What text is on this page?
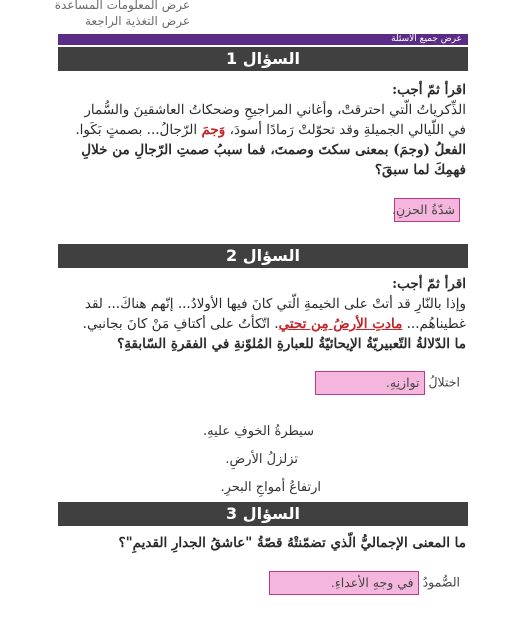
عرض المعلومات المساعدة
عرض التغذية الراجعة
عرض جميع الأسئلة
السؤال 1

اقرأ ثمّ أجب:

الذِّكرياتُ الّتي احترقتْ، وأغاني المراجيحِ وضحكاتُ العاشقينَ والسُّمار

في اللّيالي الجميلةِ وقد تحوّلتْ رَمادًا أسودَ، وَجمَ الرّجالُ... بصمتٍ بَكَوا.

الفعلُ (وجمَ) بمعنى سكتَ وصمتَ، فما سببُ صمتِ الرّجالِ من خلالِ

فهمِكَ لما سبقَ؟

شدّةُ الحزنِ.
السؤال 2

اقرأ ثمّ أجب:

وإذا بالنّارِ قد أتتْ على الخيمةِ الّتي كانَ فيها الأولادُ... إنّهم هناكَ... لقد

غطيناهُم... مادتِ الأرضُ مِن تحتي. اتّكأتُ على أكتافِ مَنْ كانَ بجانبي.

ما الدّلالةُ التّعبيريّةُ الإيحائيّةُ للعبارةِ المُلوّنةِ في الفقرةِ السّابقةِ؟

اختلالُ توازنِهِ.
سيطرةُ الخوفِ عليهِ.
تزلزلُ الأرضِ.
ارتفاعُ أمواجِ البحرِ.
السؤال 3
ما المعنى الإجماليُّ الّذي تضمّنتْهُ قصّةُ "عاشقُ الجدارِ القديمِ"؟
الصُّمودُ في وجهِ الأعداءِ.
